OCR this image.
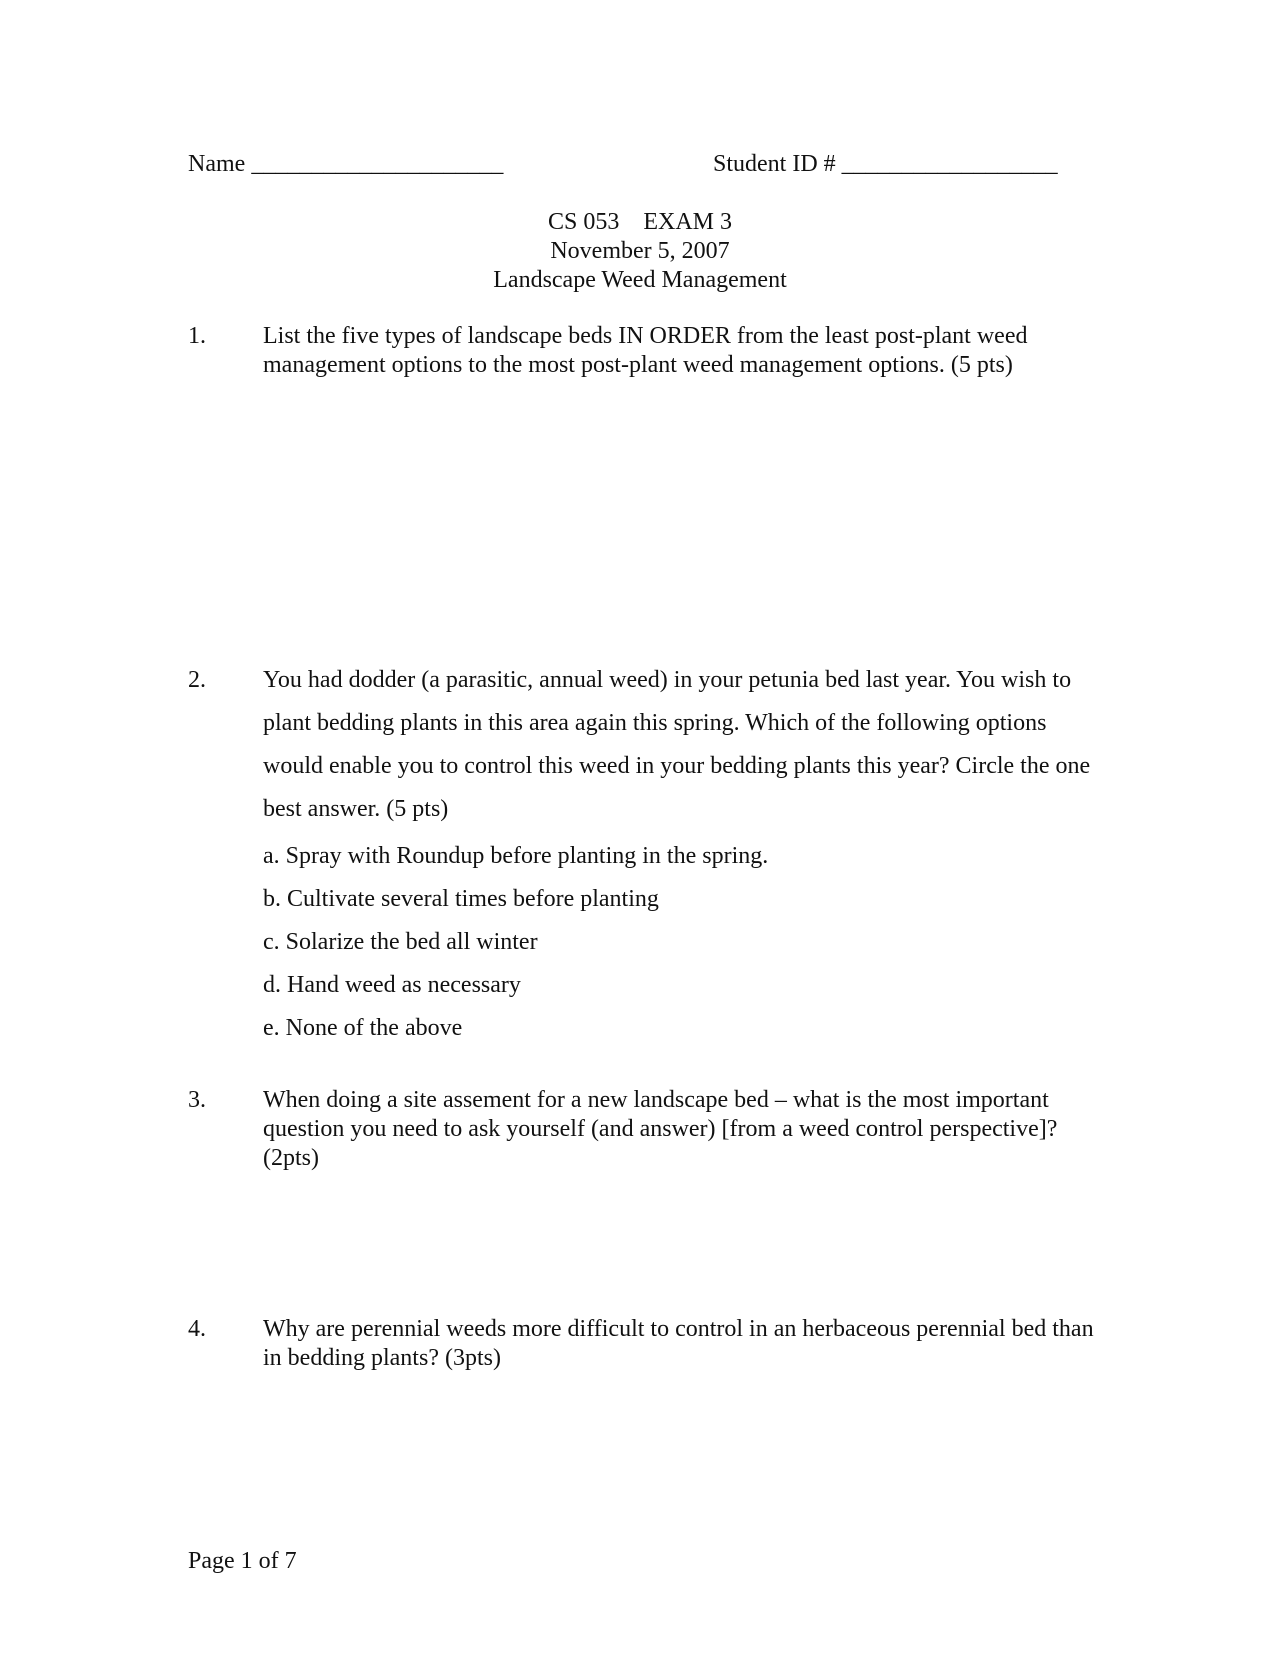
Name _____________________	Student ID # __________________
CS 053 EXAM 3
November 5, 2007
Landscape Weed Management
1. List the five types of landscape beds IN ORDER from the least post-plant weed management options to the most post-plant weed management options. (5 pts)
2. You had dodder (a parasitic, annual weed) in your petunia bed last year. You wish to plant bedding plants in this area again this spring. Which of the following options would enable you to control this weed in your bedding plants this year? Circle the one best answer. (5 pts)
a. Spray with Roundup before planting in the spring.
b. Cultivate several times before planting
c. Solarize the bed all winter
d. Hand weed as necessary
e. None of the above
3. When doing a site assement for a new landscape bed – what is the most important question you need to ask yourself (and answer) [from a weed control perspective]? (2pts)
4. Why are perennial weeds more difficult to control in an herbaceous perennial bed than in bedding plants? (3pts)
Page 1 of 7
